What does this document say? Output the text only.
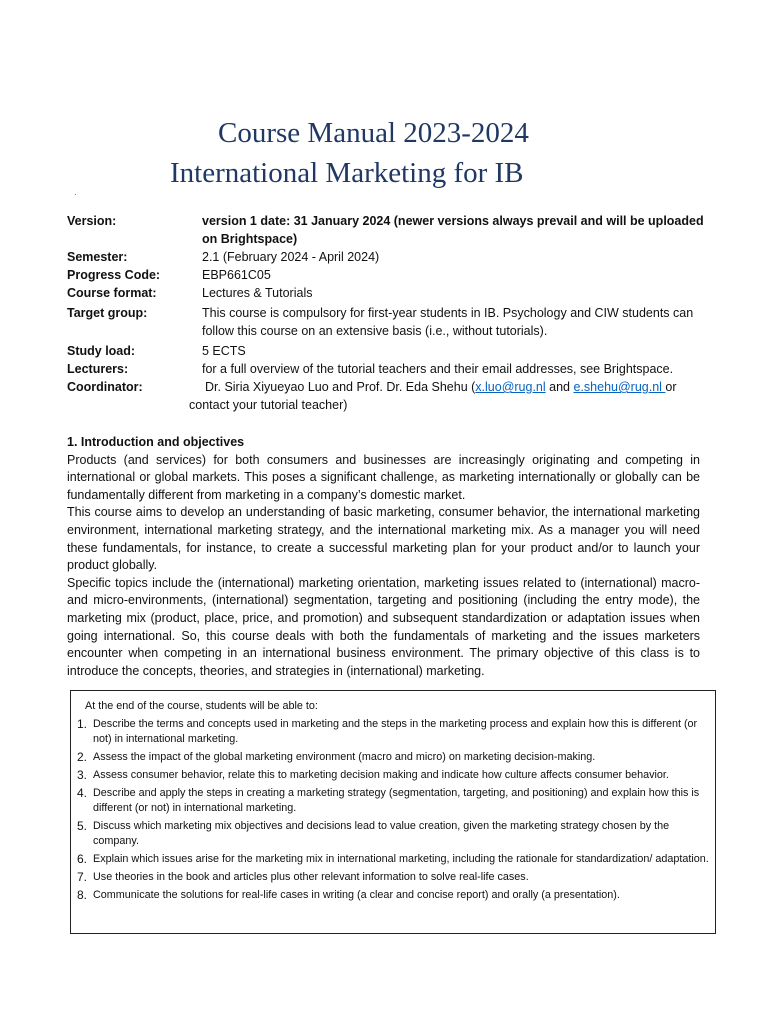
Course Manual 2023-2024
International Marketing for IB
·
Version:	version 1 date: 31 January 2024 (newer versions always prevail and will be uploaded on Brightspace)
Semester:	2.1 (February 2024 - April 2024)
Progress Code:	EBP661C05
Course format:	Lectures & Tutorials
Target group:	This course is compulsory for first-year students in IB. Psychology and CIW students can follow this course on an extensive basis (i.e., without tutorials).
Study load:	5 ECTS
Lecturers:	for a full overview of the tutorial teachers and their email addresses, see Brightspace.
Coordinator:	Dr. Siria Xiyueyao Luo and Prof. Dr. Eda Shehu (x.luo@rug.nl and e.shehu@rug.nl or
contact your tutorial teacher)
1. Introduction and objectives

Products (and services) for both consumers and businesses are increasingly originating and competing in international or global markets. This poses a significant challenge, as marketing internationally or globally can be fundamentally different from marketing in a company’s domestic market.

This course aims to develop an understanding of basic marketing, consumer behavior, the international marketing environment, international marketing strategy, and the international marketing mix. As a manager you will need these fundamentals, for instance, to create a successful marketing plan for your product and/or to launch your product globally.

Specific topics include the (international) marketing orientation, marketing issues related to (international) macro- and micro-environments, (international) segmentation, targeting and positioning (including the entry mode), the marketing mix (product, place, price, and promotion) and subsequent standardization or adaptation issues when going international. So, this course deals with both the fundamentals of marketing and the issues marketers encounter when competing in an international business environment. The primary objective of this class is to introduce the concepts, theories, and strategies in (international) marketing.

At the end of the course, students will be able to:
1. Describe the terms and concepts used in marketing and the steps in the marketing process and explain how this is different (or not) in international marketing.
2. Assess the impact of the global marketing environment (macro and micro) on marketing decision-making.
3. Assess consumer behavior, relate this to marketing decision making and indicate how culture affects consumer behavior.
4. Describe and apply the steps in creating a marketing strategy (segmentation, targeting, and positioning) and explain how this is different (or not) in international marketing.
5. Discuss which marketing mix objectives and decisions lead to value creation, given the marketing strategy chosen by the company.
6. Explain which issues arise for the marketing mix in international marketing, including the rationale for standardization/ adaptation.
7. Use theories in the book and articles plus other relevant information to solve real-life cases.
8. Communicate the solutions for real-life cases in writing (a clear and concise report) and orally (a presentation).
